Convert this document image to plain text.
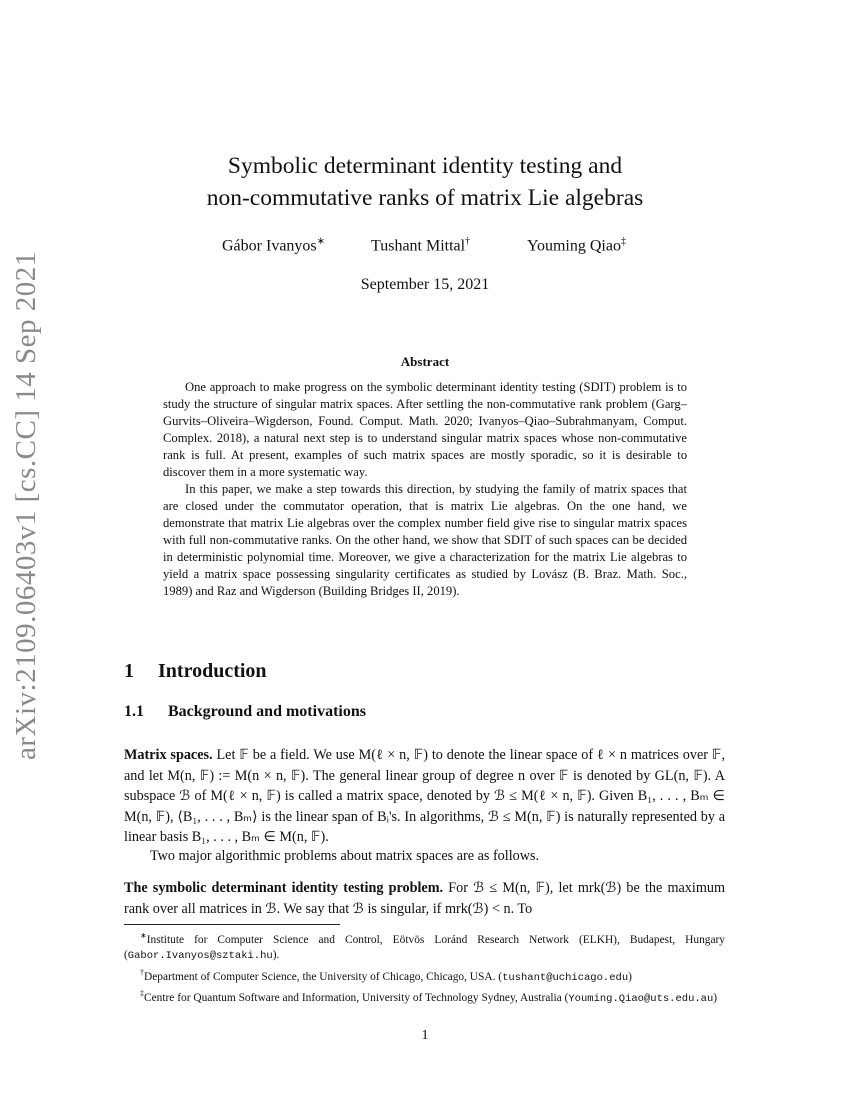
arXiv:2109.06403v1 [cs.CC] 14 Sep 2021
Symbolic determinant identity testing and
non-commutative ranks of matrix Lie algebras
Gábor Ivanyos∗	Tushant Mittal†	Youming Qiao‡
September 15, 2021
Abstract

One approach to make progress on the symbolic determinant identity testing (SDIT) problem is to study the structure of singular matrix spaces. After settling the non-commutative rank problem (Garg–Gurvits–Oliveira–Wigderson, Found. Comput. Math. 2020; Ivanyos–Qiao–Subrahmanyam, Comput. Complex. 2018), a natural next step is to understand singular matrix spaces whose non-commutative rank is full. At present, examples of such matrix spaces are mostly sporadic, so it is desirable to discover them in a more systematic way.

In this paper, we make a step towards this direction, by studying the family of matrix spaces that are closed under the commutator operation, that is matrix Lie algebras. On the one hand, we demonstrate that matrix Lie algebras over the complex number field give rise to singular matrix spaces with full non-commutative ranks. On the other hand, we show that SDIT of such spaces can be decided in deterministic polynomial time. Moreover, we give a characterization for the matrix Lie algebras to yield a matrix space possessing singularity certificates as studied by Lovász (B. Braz. Math. Soc., 1989) and Raz and Wigderson (Building Bridges II, 2019).

1 Introduction
1.1 Background and motivations

Matrix spaces. Let 𝔽 be a field. We use M(ℓ × n, 𝔽) to denote the linear space of ℓ × n matrices over 𝔽, and let M(n, 𝔽) := M(n × n, 𝔽). The general linear group of degree n over 𝔽 is denoted by GL(n, 𝔽). A subspace ℬ of M(ℓ × n, 𝔽) is called a matrix space, denoted by ℬ ≤ M(ℓ × n, 𝔽). Given B₁, . . . , Bₘ ∈ M(n, 𝔽), ⟨B₁, . . . , Bₘ⟩ is the linear span of Bᵢ's. In algorithms, ℬ ≤ M(n, 𝔽) is naturally represented by a linear basis B₁, . . . , Bₘ ∈ M(n, 𝔽).

Two major algorithmic problems about matrix spaces are as follows.

The symbolic determinant identity testing problem. For ℬ ≤ M(n, 𝔽), let mrk(ℬ) be the maximum rank over all matrices in ℬ. We say that ℬ is singular, if mrk(ℬ) < n. To

∗Institute for Computer Science and Control, Eötvös Loránd Research Network (ELKH), Budapest, Hungary (Gabor.Ivanyos@sztaki.hu).

†Department of Computer Science, the University of Chicago, Chicago, USA. (tushant@uchicago.edu)

‡Centre for Quantum Software and Information, University of Technology Sydney, Australia (Youming.Qiao@uts.edu.au)

1
